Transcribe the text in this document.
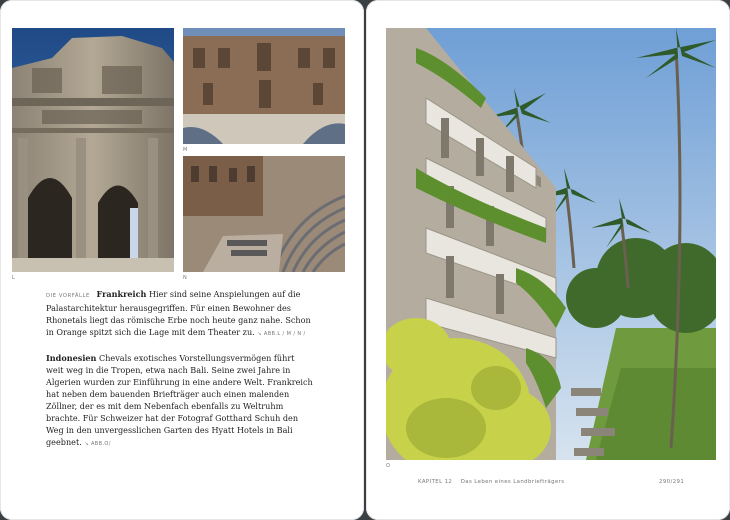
L
M
N

DIE VORFÄLLE Frankreich Hier sind seine Anspielungen auf die Palastarchitektur herausgegriffen. Für einen Bewohner des Rhonetals liegt das römische Erbe noch heute ganz nahe. Schon in Orange spitzt sich die Lage mit dem Theater zu. ↘ ABB.L / M / N /

Indonesien Chevals exotisches Vorstellungsvermögen führt weit weg in die Tropen, etwa nach Bali. Seine zwei Jahre in Algerien wurden zur Einführung in eine andere Welt. Frankreich hat neben dem bauenden Briefträger auch einen malenden Zöllner, der es mit dem Nebenfach ebenfalls zu Weltruhm brachte. Für Schweizer hat der Fotograf Gotthard Schuh den Weg in den unvergesslichen Garten des Hyatt Hotels in Bali geebnet. ↘ ABB.O/

O
KAPITEL 12 Das Leben eines Landbriefträgers	290/291
